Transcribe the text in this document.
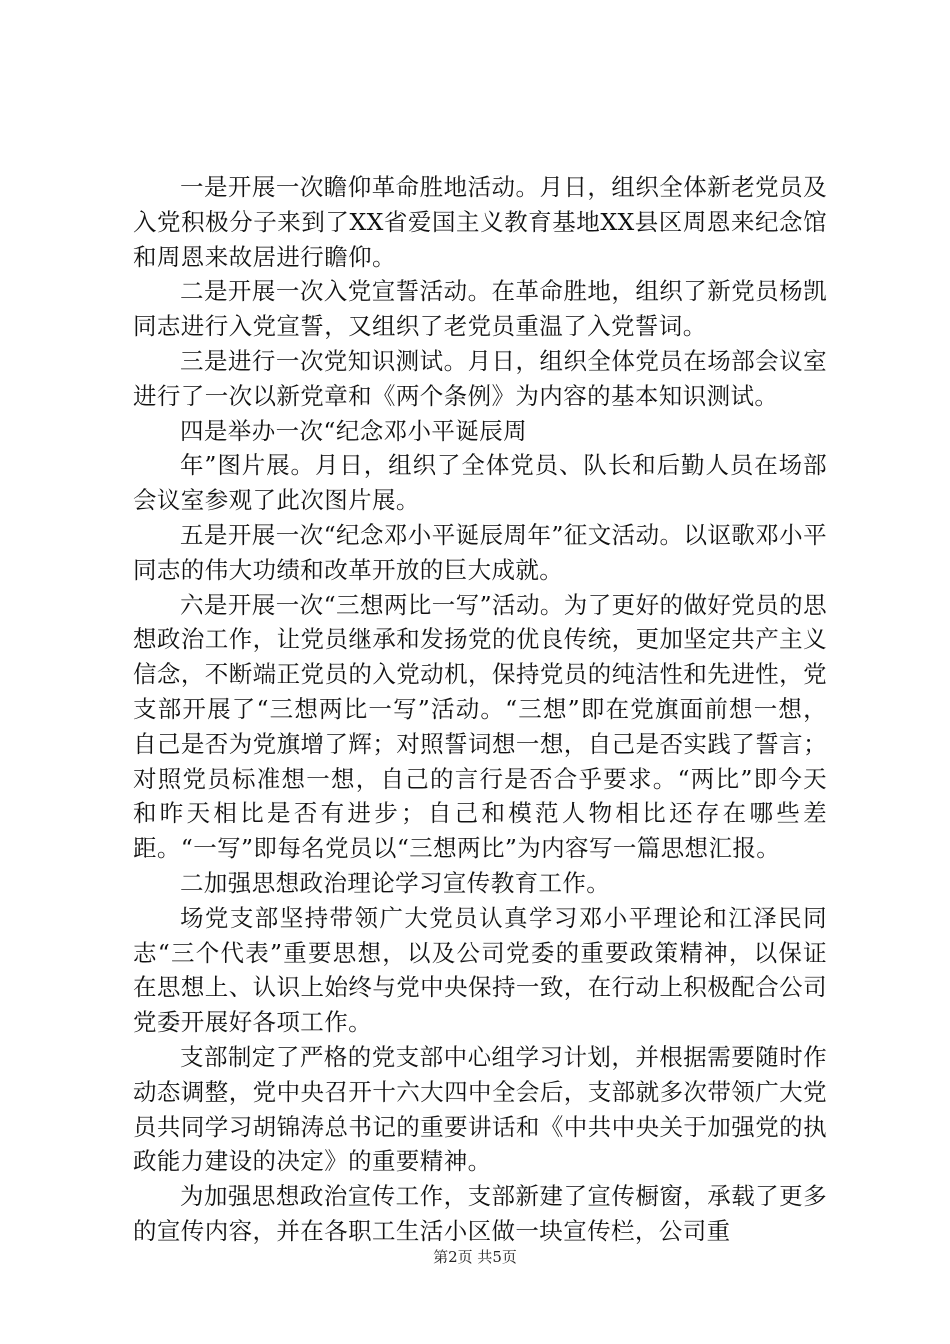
一是开展一次瞻仰革命胜地活动。月日，组织全体新老党员及入党积极分子来到了XX省爱国主义教育基地XX县区周恩来纪念馆和周恩来故居进行瞻仰。

二是开展一次入党宣誓活动。在革命胜地，组织了新党员杨凯同志进行入党宣誓，又组织了老党员重温了入党誓词。

三是进行一次党知识测试。月日，组织全体党员在场部会议室进行了一次以新党章和《两个条例》为内容的基本知识测试。

四是举办一次“纪念邓小平诞辰周

年”图片展。月日，组织了全体党员、队长和后勤人员在场部会议室参观了此次图片展。

五是开展一次“纪念邓小平诞辰周年”征文活动。以讴歌邓小平同志的伟大功绩和改革开放的巨大成就。

六是开展一次“三想两比一写”活动。为了更好的做好党员的思想政治工作，让党员继承和发扬党的优良传统，更加坚定共产主义信念，不断端正党员的入党动机，保持党员的纯洁性和先进性，党支部开展了“三想两比一写”活动。“三想”即在党旗面前想一想，自己是否为党旗增了辉；对照誓词想一想，自己是否实践了誓言；对照党员标准想一想，自己的言行是否合乎要求。“两比”即今天和昨天相比是否有进步；自己和模范人物相比还存在哪些差距。“一写”即每名党员以“三想两比”为内容写一篇思想汇报。

二加强思想政治理论学习宣传教育工作。

场党支部坚持带领广大党员认真学习邓小平理论和江泽民同志“三个代表”重要思想，以及公司党委的重要政策精神，以保证在思想上、认识上始终与党中央保持一致，在行动上积极配合公司党委开展好各项工作。

支部制定了严格的党支部中心组学习计划，并根据需要随时作动态调整，党中央召开十六大四中全会后，支部就多次带领广大党员共同学习胡锦涛总书记的重要讲话和《中共中央关于加强党的执政能力建设的决定》的重要精神。

为加强思想政治宣传工作，支部新建了宣传橱窗，承载了更多的宣传内容，并在各职工生活小区做一块宣传栏，公司重

第2页 共5页
